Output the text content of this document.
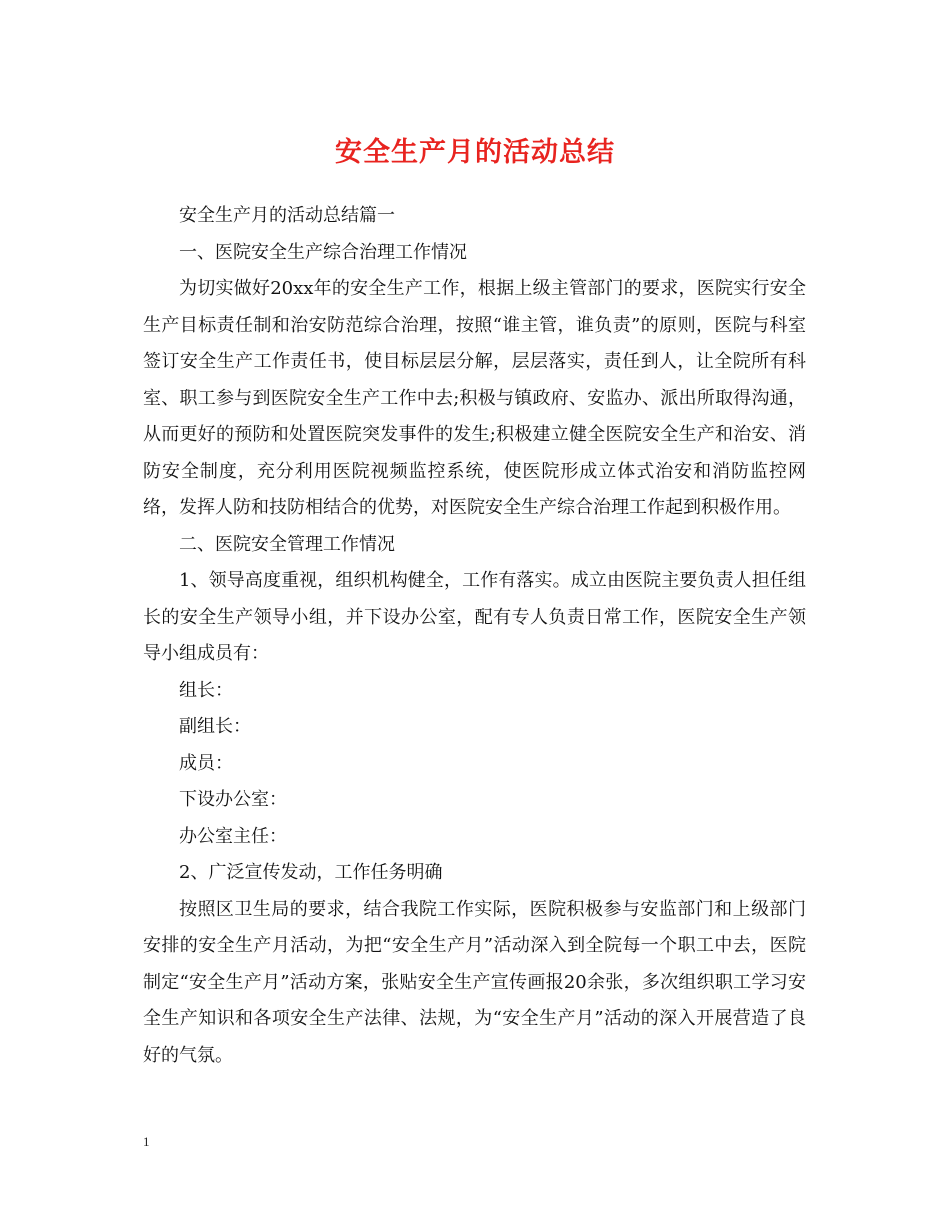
安全生产月的活动总结

安全生产月的活动总结篇一

一、医院安全生产综合治理工作情况

为切实做好20xx年的安全生产工作，根据上级主管部门的要求，医院实行安全生产目标责任制和治安防范综合治理，按照“谁主管，谁负责”的原则，医院与科室签订安全生产工作责任书，使目标层层分解，层层落实，责任到人，让全院所有科室、职工参与到医院安全生产工作中去;积极与镇政府、安监办、派出所取得沟通，从而更好的预防和处置医院突发事件的发生;积极建立健全医院安全生产和治安、消防安全制度，充分利用医院视频监控系统，使医院形成立体式治安和消防监控网络，发挥人防和技防相结合的优势，对医院安全生产综合治理工作起到积极作用。

二、医院安全管理工作情况

1、领导高度重视，组织机构健全，工作有落实。成立由医院主要负责人担任组长的安全生产领导小组，并下设办公室，配有专人负责日常工作，医院安全生产领导小组成员有：

组长：

副组长：

成员：

下设办公室：

办公室主任：

2、广泛宣传发动，工作任务明确

按照区卫生局的要求，结合我院工作实际，医院积极参与安监部门和上级部门安排的安全生产月活动，为把“安全生产月”活动深入到全院每一个职工中去，医院制定“安全生产月”活动方案，张贴安全生产宣传画报20余张，多次组织职工学习安全生产知识和各项安全生产法律、法规，为“安全生产月”活动的深入开展营造了良好的气氛。

1
